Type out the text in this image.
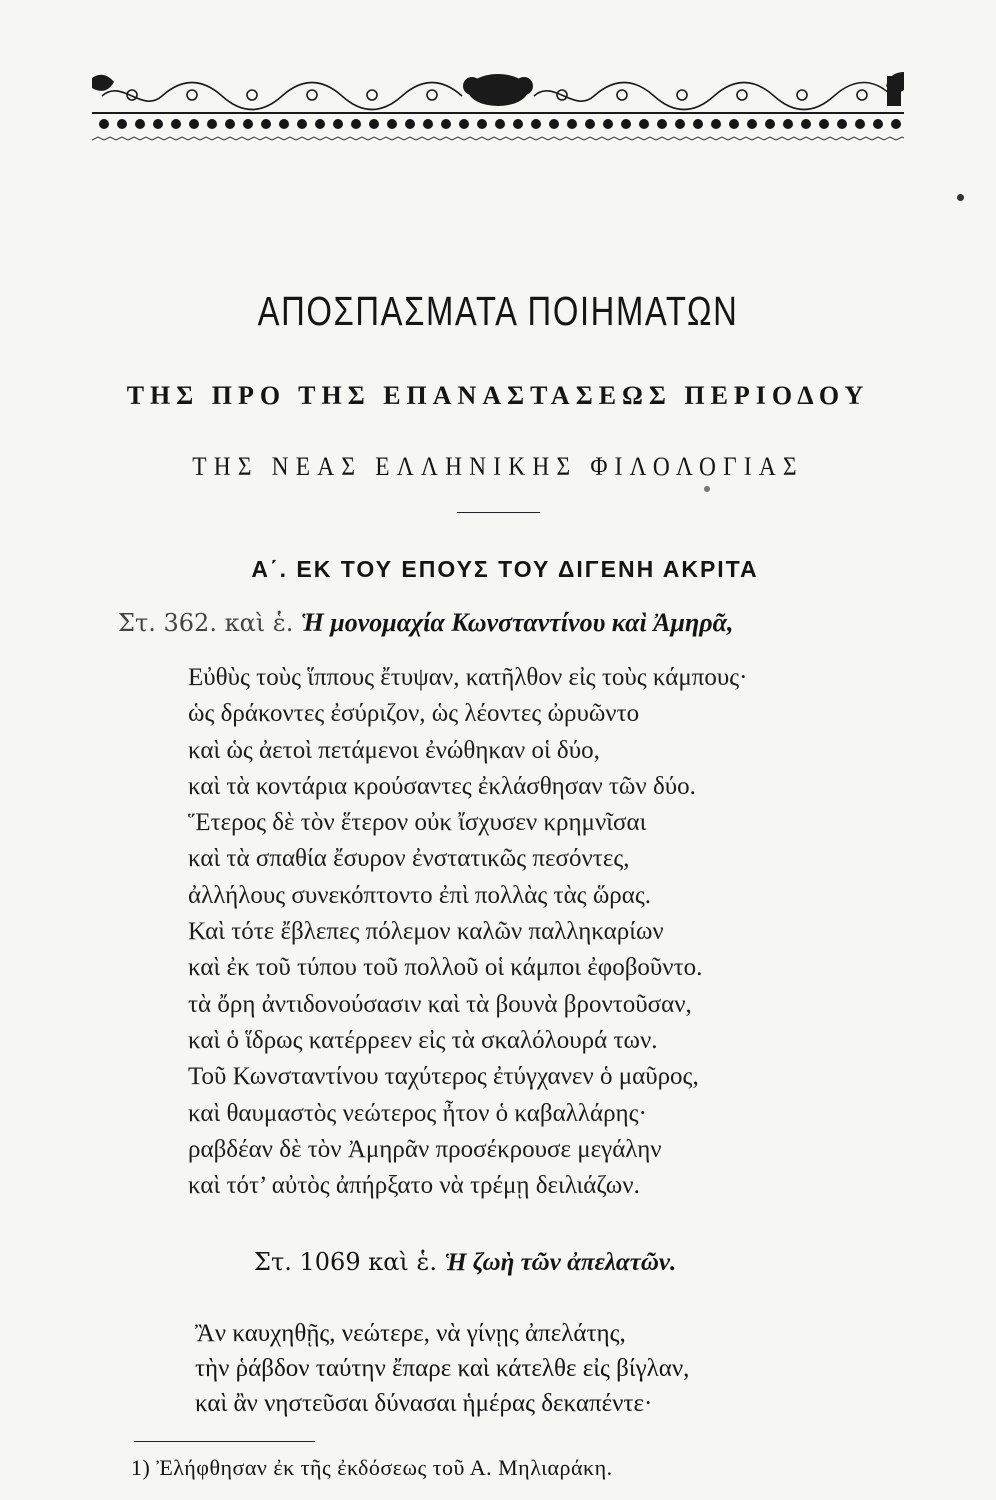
ΑΠΟΣΠΑΣΜΑΤΑ ΠΟΙΗΜΑΤΩΝ
ΤΗΣ ΠΡΟ ΤΗΣ ΕΠΑΝΑΣΤΑΣΕΩΣ ΠΕΡΙΟΔΟΥ
ΤΗΣ ΝΕΑΣ ΕΛΛΗΝΙΚΗΣ ΦΙΛΟΛΟΓΙΑΣ
Α΄. ΕΚ ΤΟΥ ΕΠΟΥΣ ΤΟΥ ΔΙΓΕΝΗ ΑΚΡΙΤΑ
Στ. 362. καὶ ἑ. Ἡ μονομαχία Κωνσταντίνου καὶ Ἀμηρᾶ,
Εὐθὺς τοὺς ἵππους ἔτυψαν, κατῆλθον εἰς τοὺς κάμπους·
ὡς δράκοντες ἐσύριζον, ὡς λέοντες ὠρυῶντο
καὶ ὡς ἀετοὶ πετάμενοι ἐνώθηκαν οἱ δύο,
καὶ τὰ κοντάρια κρούσαντες ἐκλάσθησαν τῶν δύο.
Ἕτερος δὲ τὸν ἕτερον οὐκ ἴσχυσεν κρημνῖσαι
καὶ τὰ σπαθία ἔσυρον ἐνστατικῶς πεσόντες,
ἀλλήλους συνεκόπτοντο ἐπὶ πολλὰς τὰς ὥρας.
Καὶ τότε ἔβλεπες πόλεμον καλῶν παλληκαρίων
καὶ ἐκ τοῦ τύπου τοῦ πολλοῦ οἱ κάμποι ἐφοβοῦντο.
τὰ ὄρη ἀντιδονούσασιν καὶ τὰ βουνὰ βροντοῦσαν,
καὶ ὁ ἵδρως κατέρρεεν εἰς τὰ σκαλόλουρά των.
Τοῦ Κωνσταντίνου ταχύτερος ἐτύγχανεν ὁ μαῦρος,
καὶ θαυμαστὸς νεώτερος ἦτον ὁ καβαλλάρης·
ραβδέαν δὲ τὸν Ἀμηρᾶν προσέκρουσε μεγάλην
καὶ τότ’ αὐτὸς ἀπήρξατο νὰ τρέμῃ δειλιάζων.
Στ. 1069 καὶ ἑ. Ἡ ζωὴ τῶν ἀπελατῶν.
Ἂν καυχηθῇς, νεώτερε, νὰ γίνῃς ἀπελάτης,
τὴν ῥάβδον ταύτην ἔπαρε καὶ κάτελθε εἰς βίγλαν,
καὶ ἂν νηστεῦσαι δύνασαι ἡμέρας δεκαπέντε·
1) Ἐλήφθησαν ἐκ τῆς ἐκδόσεως τοῦ Α. Μηλιαράκη.
